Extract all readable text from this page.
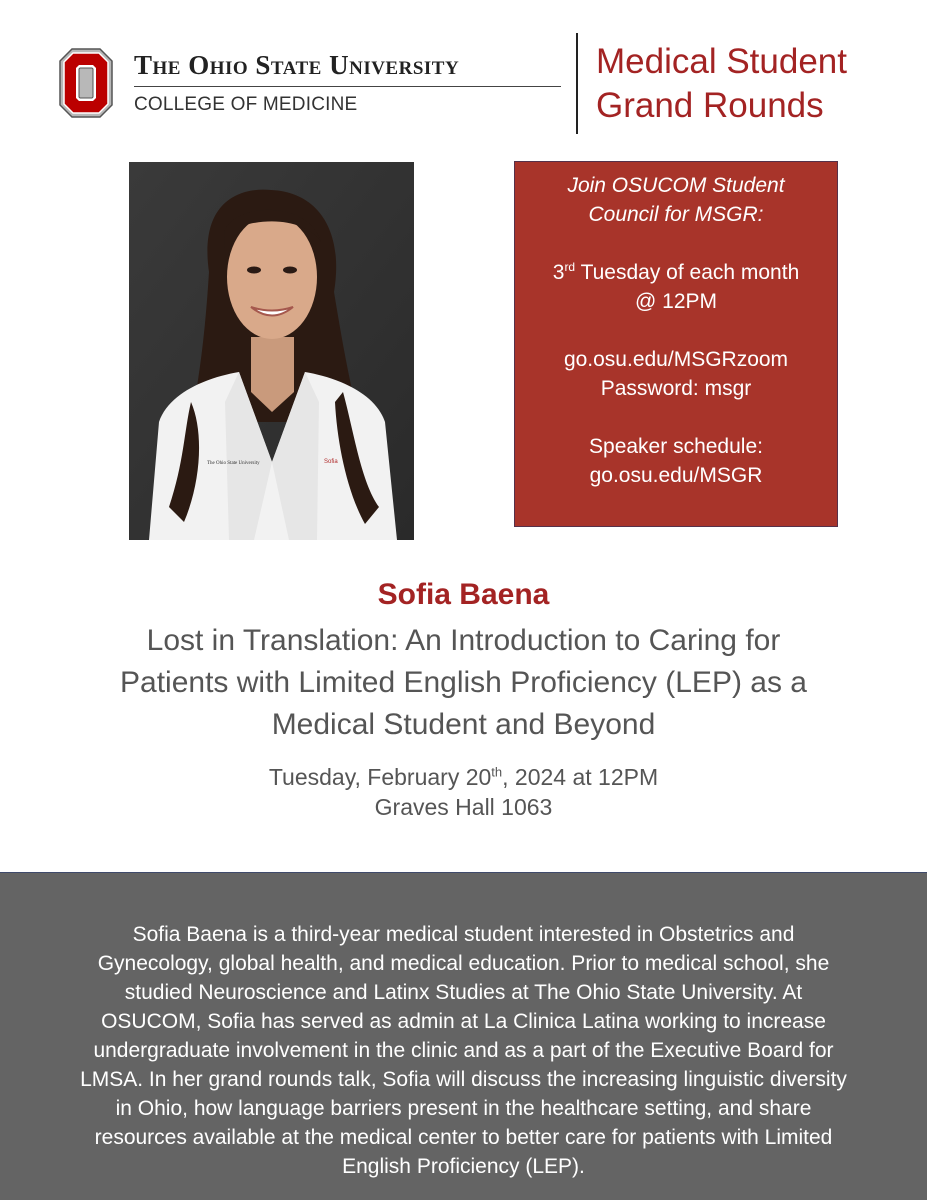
The Ohio State University
COLLEGE OF MEDICINE
Medical Student
Grand Rounds
The Ohio State University	Sofia
Join OSUCOM Student
Council for MSGR:
3rd Tuesday of each month
@ 12PM
go.osu.edu/MSGRzoom
Password: msgr
Speaker schedule:
go.osu.edu/MSGR
Sofia Baena
Lost in Translation: An Introduction to Caring for
Patients with Limited English Proficiency (LEP) as a
Medical Student and Beyond
Tuesday, February 20th, 2024 at 12PM
Graves Hall 1063

Sofia Baena is a third-year medical student interested in Obstetrics and
Gynecology, global health, and medical education. Prior to medical school, she
studied Neuroscience and Latinx Studies at The Ohio State University. At
OSUCOM, Sofia has served as admin at La Clinica Latina working to increase
undergraduate involvement in the clinic and as a part of the Executive Board for
LMSA. In her grand rounds talk, Sofia will discuss the increasing linguistic diversity
in Ohio, how language barriers present in the healthcare setting, and share
resources available at the medical center to better care for patients with Limited
English Proficiency (LEP).
